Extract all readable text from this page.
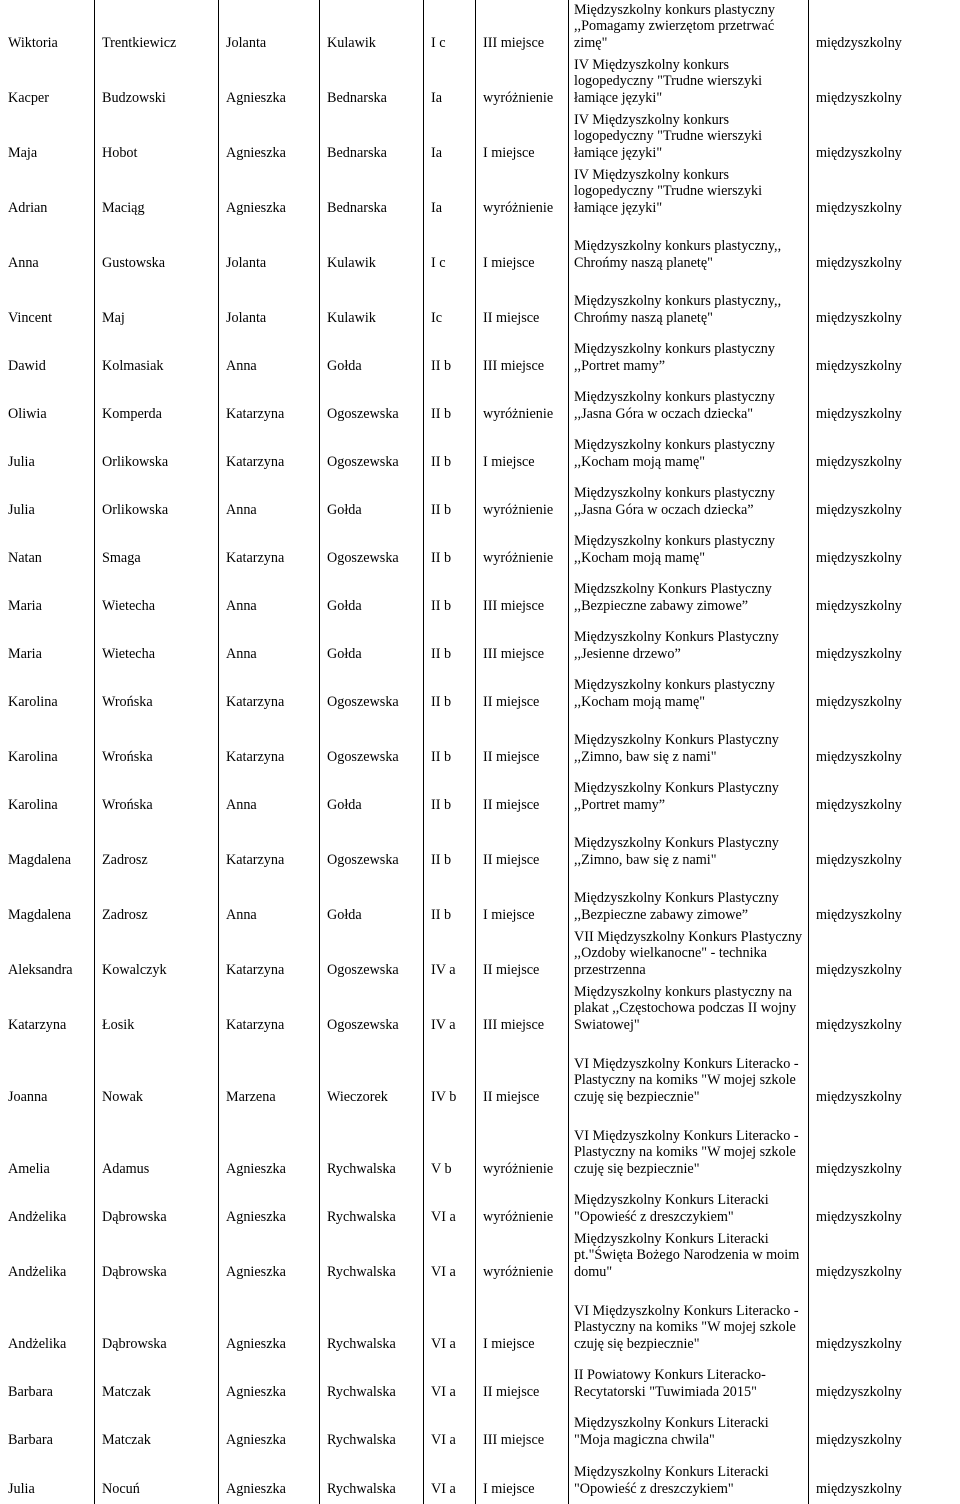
Wiktoria	Trentkiewicz	Jolanta	Kulawik	I c	III miejsce	Międzyszkolny konkurs plastyczny ,,Pomagamy zwierzętom przetrwać zimę"	międzyszkolny
Kacper	Budzowski	Agnieszka	Bednarska	Ia	wyróżnienie	IV Międzyszkolny konkurs logopedyczny "Trudne wierszyki łamiące języki"	międzyszkolny
Maja	Hobot	Agnieszka	Bednarska	Ia	I miejsce	IV Międzyszkolny konkurs logopedyczny "Trudne wierszyki łamiące języki"	międzyszkolny
Adrian	Maciąg	Agnieszka	Bednarska	Ia	wyróżnienie	IV Międzyszkolny konkurs logopedyczny "Trudne wierszyki łamiące języki"	międzyszkolny
Anna	Gustowska	Jolanta	Kulawik	I c	I miejsce	Międzyszkolny konkurs plastyczny,, Chrońmy naszą planetę"	międzyszkolny
Vincent	Maj	Jolanta	Kulawik	Ic	II miejsce	Międzyszkolny konkurs plastyczny,, Chrońmy naszą planetę"	międzyszkolny
Dawid	Kolmasiak	Anna	Gołda	II b	III miejsce	Międzyszkolny konkurs plastyczny ,,Portret mamy”	międzyszkolny
Oliwia	Komperda	Katarzyna	Ogoszewska	II b	wyróżnienie	Międzyszkolny konkurs plastyczny ,,Jasna Góra w oczach dziecka"	międzyszkolny
Julia	Orlikowska	Katarzyna	Ogoszewska	II b	I miejsce	Międzyszkolny konkurs plastyczny ,,Kocham moją mamę"	międzyszkolny
Julia	Orlikowska	Anna	Gołda	II b	wyróżnienie	Międzyszkolny konkurs plastyczny ,,Jasna Góra w oczach dziecka”	międzyszkolny
Natan	Smaga	Katarzyna	Ogoszewska	II b	wyróżnienie	Międzyszkolny konkurs plastyczny ,,Kocham moją mamę"	międzyszkolny
Maria	Wietecha	Anna	Gołda	II b	III miejsce	Międzszkolny Konkurs Plastyczny ,,Bezpieczne zabawy zimowe”	międzyszkolny
Maria	Wietecha	Anna	Gołda	II b	III miejsce	Międzyszkolny Konkurs Plastyczny ,,Jesienne drzewo”	międzyszkolny
Karolina	Wrońska	Katarzyna	Ogoszewska	II b	II miejsce	Międzyszkolny konkurs plastyczny ,,Kocham moją mamę"	międzyszkolny
Karolina	Wrońska	Katarzyna	Ogoszewska	II b	II miejsce	Międzyszkolny Konkurs Plastyczny ,,Zimno, baw się z nami"	międzyszkolny
Karolina	Wrońska	Anna	Gołda	II b	II miejsce	Międzyszkolny Konkurs Plastyczny ,,Portret mamy”	międzyszkolny
Magdalena	Zadrosz	Katarzyna	Ogoszewska	II b	II miejsce	Międzyszkolny Konkurs Plastyczny ,,Zimno, baw się z nami"	międzyszkolny
Magdalena	Zadrosz	Anna	Gołda	II b	I miejsce	Międzyszkolny Konkurs Plastyczny ,,Bezpieczne zabawy zimowe”	międzyszkolny
Aleksandra	Kowalczyk	Katarzyna	Ogoszewska	IV a	II miejsce	VII Międzyszkolny Konkurs Plastyczny ,,Ozdoby wielkanocne" - technika przestrzenna	międzyszkolny
Katarzyna	Łosik	Katarzyna	Ogoszewska	IV a	III miejsce	Międzyszkolny konkurs plastyczny na plakat ,,Częstochowa podczas II wojny Swiatowej"	międzyszkolny
Joanna	Nowak	Marzena	Wieczorek	IV b	II miejsce	VI Międzyszkolny Konkurs Literacko - Plastyczny na komiks "W mojej szkole czuję się bezpiecznie"	międzyszkolny
Amelia	Adamus	Agnieszka	Rychwalska	V b	wyróżnienie	VI Międzyszkolny Konkurs Literacko - Plastyczny na komiks "W mojej szkole czuję się bezpiecznie"	międzyszkolny
Andżelika	Dąbrowska	Agnieszka	Rychwalska	VI a	wyróżnienie	Międzyszkolny Konkurs Literacki "Opowieść z dreszczykiem"	międzyszkolny
Andżelika	Dąbrowska	Agnieszka	Rychwalska	VI a	wyróżnienie	Międzyszkolny Konkurs Literacki pt."Święta Bożego Narodzenia w moim domu"	międzyszkolny
Andżelika	Dąbrowska	Agnieszka	Rychwalska	VI a	I miejsce	VI Międzyszkolny Konkurs Literacko - Plastyczny na komiks "W mojej szkole czuję się bezpiecznie"	międzyszkolny
Barbara	Matczak	Agnieszka	Rychwalska	VI a	II miejsce	II Powiatowy Konkurs Literacko-Recytatorski "Tuwimiada 2015"	międzyszkolny
Barbara	Matczak	Agnieszka	Rychwalska	VI a	III miejsce	Międzyszkolny Konkurs Literacki "Moja magiczna chwila"	międzyszkolny
Julia	Nocuń	Agnieszka	Rychwalska	VI a	I miejsce	Międzyszkolny Konkurs Literacki "Opowieść z dreszczykiem"	międzyszkolny
